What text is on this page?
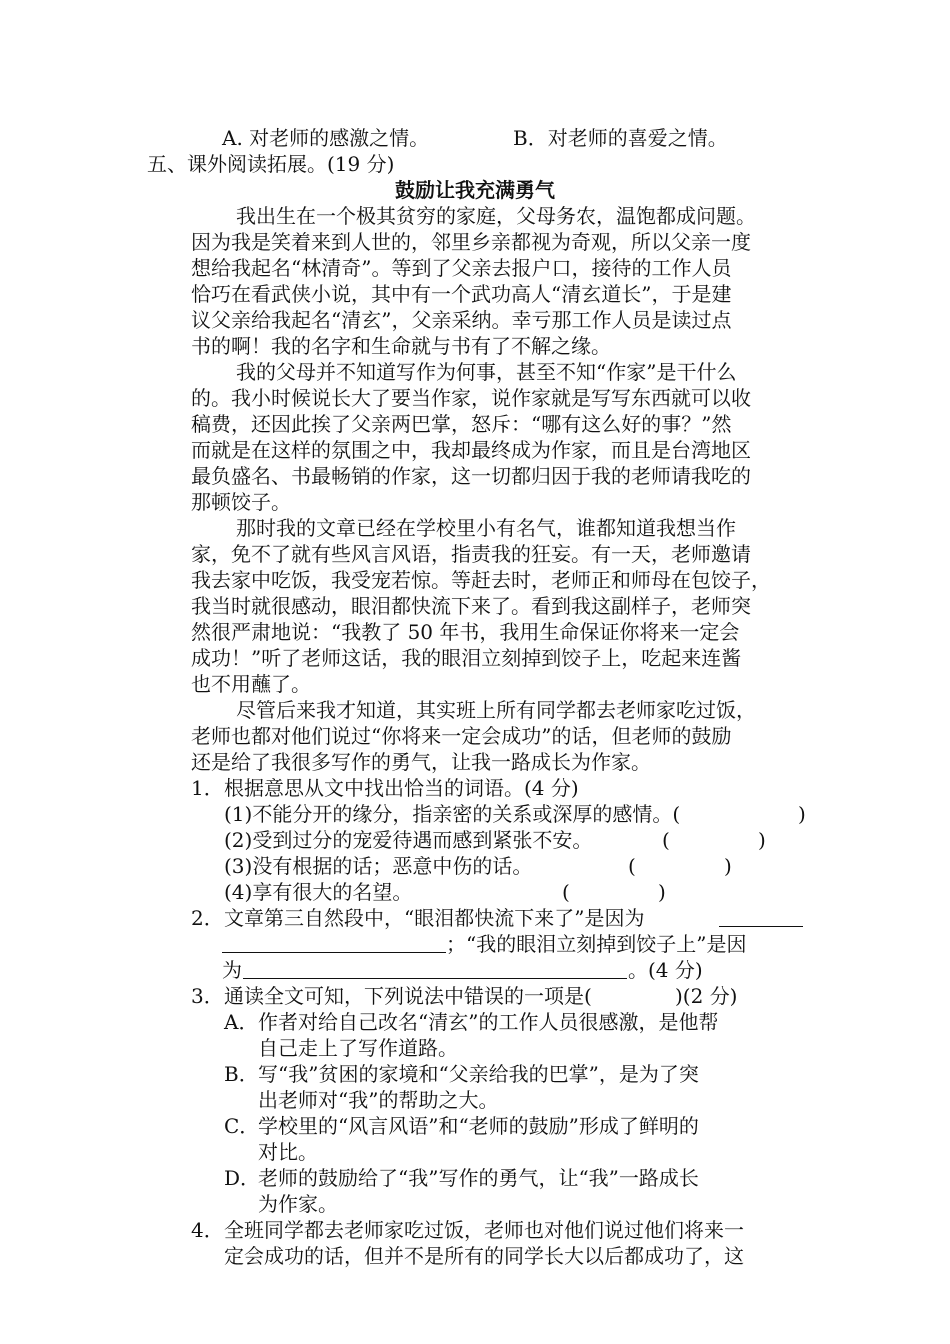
A. 对老师的感激之情。	B．对老师的喜爱之情。
五、课外阅读拓展。(19 分)
鼓励让我充满勇气
我出生在一个极其贫穷的家庭，父母务农，温饱都成问题。
因为我是笑着来到人世的，邻里乡亲都视为奇观，所以父亲一度
想给我起名“林清奇”。等到了父亲去报户口，接待的工作人员
恰巧在看武侠小说，其中有一个武功高人“清玄道长”，于是建
议父亲给我起名“清玄”，父亲采纳。幸亏那工作人员是读过点
书的啊！我的名字和生命就与书有了不解之缘。
我的父母并不知道写作为何事，甚至不知“作家”是干什么
的。我小时候说长大了要当作家，说作家就是写写东西就可以收
稿费，还因此挨了父亲两巴掌，怒斥：“哪有这么好的事？”然
而就是在这样的氛围之中，我却最终成为作家，而且是台湾地区
最负盛名、书最畅销的作家，这一切都归因于我的老师请我吃的
那顿饺子。
那时我的文章已经在学校里小有名气，谁都知道我想当作
家，免不了就有些风言风语，指责我的狂妄。有一天，老师邀请
我去家中吃饭，我受宠若惊。等赶去时，老师正和师母在包饺子，
我当时就很感动，眼泪都快流下来了。看到我这副样子，老师突
然很严肃地说：“我教了 50 年书，我用生命保证你将来一定会
成功！”听了老师这话，我的眼泪立刻掉到饺子上，吃起来连酱
也不用蘸了。
尽管后来我才知道，其实班上所有同学都去老师家吃过饭，
老师也都对他们说过“你将来一定会成功”的话，但老师的鼓励
还是给了我很多写作的勇气，让我一路成长为作家。
1． 根据意思从文中找出恰当的词语。(4 分)
(1)不能分开的缘分，指亲密的关系或深厚的感情。(	)
(2)受到过分的宠爱待遇而感到紧张不安。	(	)
(3)没有根据的话；恶意中伤的话。	(	)
(4)享有很大的名望。	(	)
2． 文章第三自然段中，“眼泪都快流下来了”是因为
；“我的眼泪立刻掉到饺子上”是因
为	。(4 分)
3． 通读全文可知，下列说法中错误的一项是(	)(2 分)
A． 作者对给自己改名“清玄”的工作人员很感激，是他帮
自己走上了写作道路。
B． 写“我”贫困的家境和“父亲给我的巴掌”，是为了突
出老师对“我”的帮助之大。
C．
学校里的“风言风语”和“老师的鼓励”形成了鲜明的
对比。
D．
老师的鼓励给了“我”写作的勇气，让“我”一路成长
为作家。
4． 全班同学都去老师家吃过饭，老师也对他们说过他们将来一
定会成功的话，但并不是所有的同学长大以后都成功了，这
